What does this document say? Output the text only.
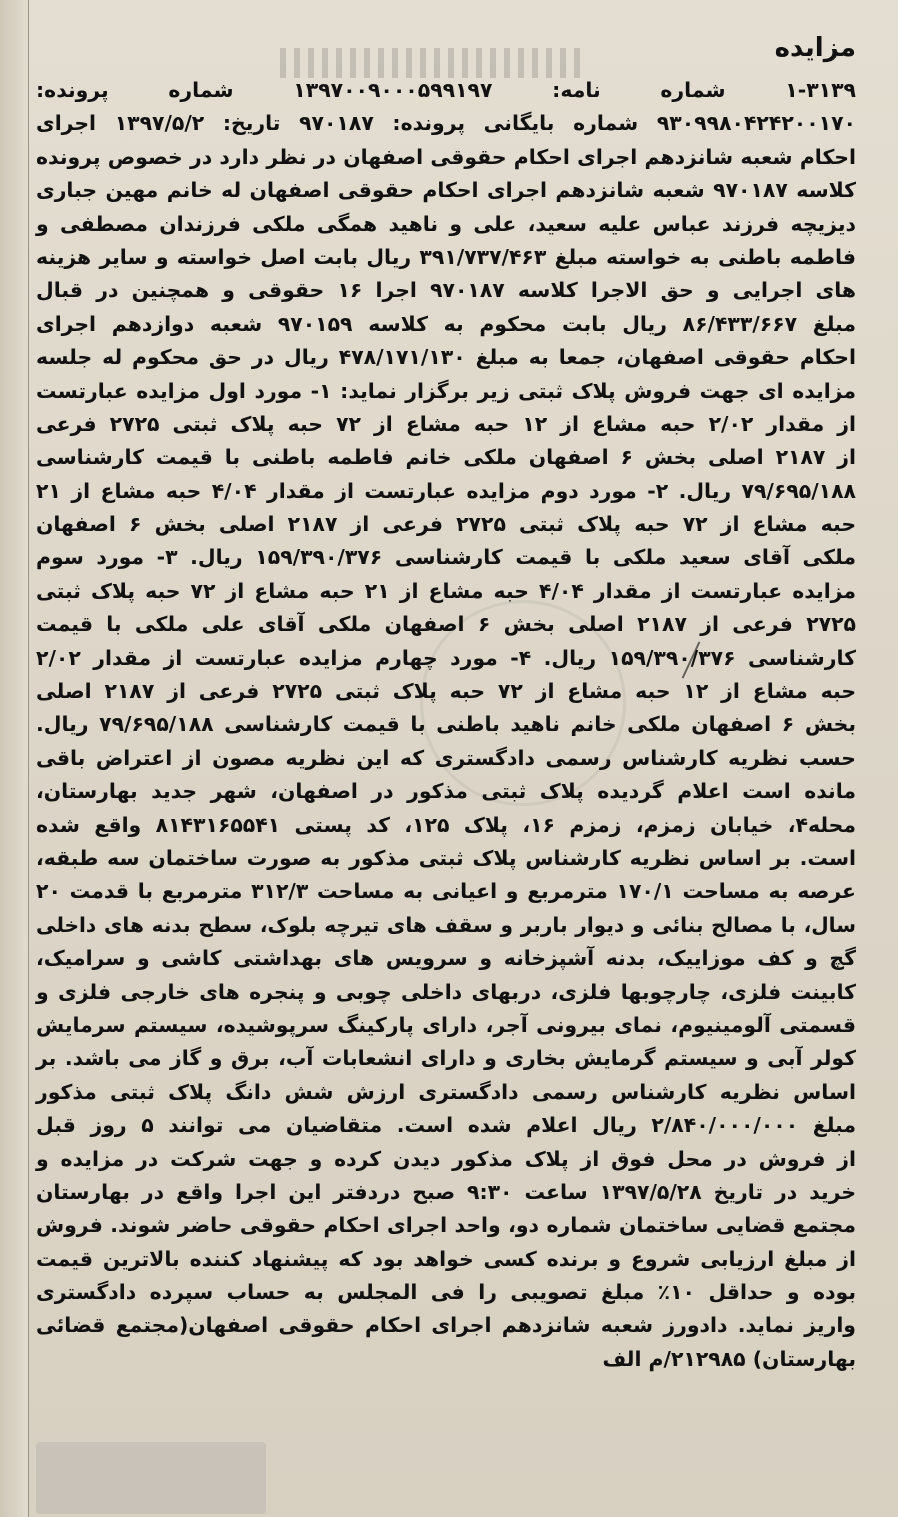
مزایده
۱-۳۱۳۹ شماره نامه: ۱۳۹۷۰۰۹۰۰۰۵۹۹۱۹۷ شماره پرونده:
۹۳۰۹۹۸۰۴۲۴۲۰۰۱۷۰ شماره بایگانی پرونده: ۹۷۰۱۸۷ تاریخ: ۱۳۹۷/۵/۲ اجرای
احکام شعبه شانزدهم اجرای احکام حقوقی اصفهان در نظر دارد در خصوص پرونده
کلاسه ۹۷۰۱۸۷ شعبه شانزدهم اجرای احکام حقوقی اصفهان له خانم مهین جباری
دیزیچه فرزند عباس علیه سعید، علی و ناهید همگی ملکی فرزندان مصطفی و
فاطمه باطنی به خواسته مبلغ ۳۹۱/۷۳۷/۴۶۳ ریال بابت اصل خواسته و سایر هزینه
های اجرایی و حق الاجرا کلاسه ۹۷۰۱۸۷ اجرا ۱۶ حقوقی و همچنین در قبال
مبلغ ۸۶/۴۳۳/۶۶۷ ریال بابت محکوم به کلاسه ۹۷۰۱۵۹ شعبه دوازدهم اجرای
احکام حقوقی اصفهان، جمعا به مبلغ ۴۷۸/۱۷۱/۱۳۰ ریال در حق محکوم له جلسه
مزایده ای جهت فروش پلاک ثبتی زیر برگزار نماید: ۱- مورد اول مزایده عبارتست
از مقدار ۲/۰۲ حبه مشاع از ۱۲ حبه مشاع از ۷۲ حبه پلاک ثبتی ۲۷۲۵ فرعی
از ۲۱۸۷ اصلی بخش ۶ اصفهان ملکی خانم فاطمه باطنی با قیمت کارشناسی
۷۹/۶۹۵/۱۸۸ ریال. ۲- مورد دوم مزایده عبارتست از مقدار ۴/۰۴ حبه مشاع از ۲۱
حبه مشاع از ۷۲ حبه پلاک ثبتی ۲۷۲۵ فرعی از ۲۱۸۷ اصلی بخش ۶ اصفهان
ملکی آقای سعید ملکی با قیمت کارشناسی ۱۵۹/۳۹۰/۳۷۶ ریال. ۳- مورد سوم
مزایده عبارتست از مقدار ۴/۰۴ حبه مشاع از ۲۱ حبه مشاع از ۷۲ حبه پلاک ثبتی
۲۷۲۵ فرعی از ۲۱۸۷ اصلی بخش ۶ اصفهان ملکی آقای علی ملکی با قیمت
کارشناسی ۱۵۹/۳۹۰/۳۷۶ ریال. ۴- مورد چهارم مزایده عبارتست از مقدار ۲/۰۲
حبه مشاع از ۱۲ حبه مشاع از ۷۲ حبه پلاک ثبتی ۲۷۲۵ فرعی از ۲۱۸۷ اصلی
بخش ۶ اصفهان ملکی خانم ناهید باطنی با قیمت کارشناسی ۷۹/۶۹۵/۱۸۸ ریال.
حسب نظریه کارشناس رسمی دادگستری که این نظریه مصون از اعتراض باقی
مانده است اعلام گردیده پلاک ثبتی مذکور در اصفهان، شهر جدید بهارستان،
محله۴، خیابان زمزم، زمزم ۱۶، پلاک ۱۲۵، کد پستی ۸۱۴۳۱۶۵۵۴۱ واقع شده
است. بر اساس نظریه کارشناس پلاک ثبتی مذکور به صورت ساختمان سه طبقه،
عرصه به مساحت ۱۷۰/۱ مترمربع و اعیانی به مساحت ۳۱۲/۳ مترمربع با قدمت ۲۰
سال، با مصالح بنائی و دیوار باربر و سقف های تیرچه بلوک، سطح بدنه های داخلی
گچ و کف موزاییک، بدنه آشپزخانه و سرویس های بهداشتی کاشی و سرامیک،
کابینت فلزی، چارچوبها فلزی، دربهای داخلی چوبی و پنجره های خارجی فلزی و
قسمتی آلومینیوم، نمای بیرونی آجر، دارای پارکینگ سرپوشیده، سیستم سرمایش
کولر آبی و سیستم گرمایش بخاری و دارای انشعابات آب، برق و گاز می باشد. بر
اساس نظریه کارشناس رسمی دادگستری ارزش شش دانگ پلاک ثبتی مذکور
مبلغ ۲/۸۴۰/۰۰۰/۰۰۰ ریال اعلام شده است. متقاضیان می توانند ۵ روز قبل
از فروش در محل فوق از پلاک مذکور دیدن کرده و جهت شرکت در مزایده و
خرید در تاریخ ۱۳۹۷/۵/۲۸ ساعت ۹:۳۰ صبح دردفتر این اجرا واقع در بهارستان
مجتمع قضایی ساختمان شماره دو، واحد اجرای احکام حقوقی حاضر شوند. فروش
از مبلغ ارزیابی شروع و برنده کسی خواهد بود که پیشنهاد کننده بالاترین قیمت
بوده و حداقل ۱۰٪ مبلغ تصویبی را فی المجلس به حساب سپرده دادگستری
واریز نماید. دادورز شعبه شانزدهم اجرای احکام حقوقی اصفهان(مجتمع قضائی
بهارستان) ۲۱۲۹۸۵/م الف
